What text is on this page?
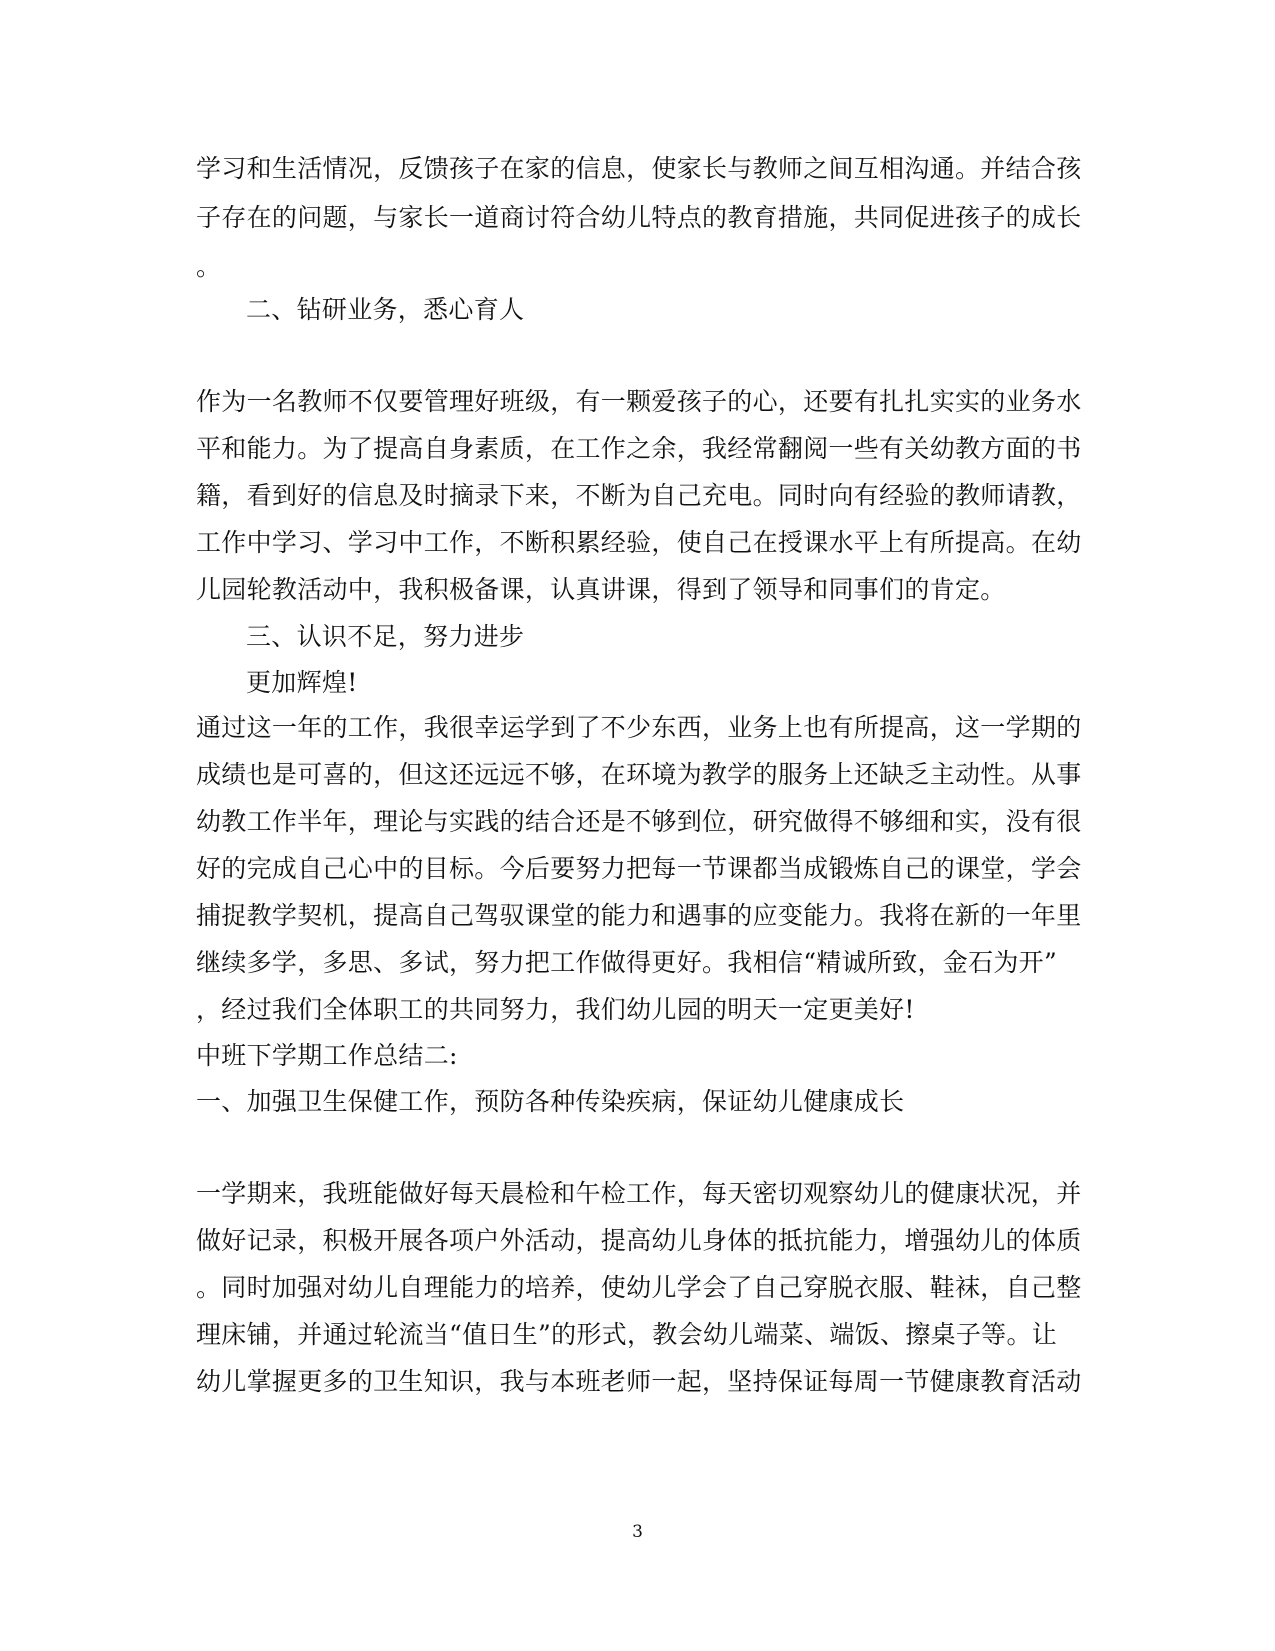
学习和生活情况，反馈孩子在家的信息，使家长与教师之间互相沟通。并结合孩
子存在的问题，与家长一道商讨符合幼儿特点的教育措施，共同促进孩子的成长
。
二、钻研业务，悉心育人
作为一名教师不仅要管理好班级，有一颗爱孩子的心，还要有扎扎实实的业务水
平和能力。为了提高自身素质，在工作之余，我经常翻阅一些有关幼教方面的书
籍，看到好的信息及时摘录下来，不断为自己充电。同时向有经验的教师请教，
工作中学习、学习中工作，不断积累经验，使自己在授课水平上有所提高。在幼
儿园轮教活动中，我积极备课，认真讲课，得到了领导和同事们的肯定。
三、认识不足，努力进步
更加辉煌!
通过这一年的工作，我很幸运学到了不少东西，业务上也有所提高，这一学期的
成绩也是可喜的，但这还远远不够，在环境为教学的服务上还缺乏主动性。从事
幼教工作半年，理论与实践的结合还是不够到位，研究做得不够细和实，没有很
好的完成自己心中的目标。今后要努力把每一节课都当成锻炼自己的课堂，学会
捕捉教学契机，提高自己驾驭课堂的能力和遇事的应变能力。我将在新的一年里
继续多学，多思、多试，努力把工作做得更好。我相信“精诚所致，金石为开”
，经过我们全体职工的共同努力，我们幼儿园的明天一定更美好!
中班下学期工作总结二:
一、加强卫生保健工作，预防各种传染疾病，保证幼儿健康成长
一学期来，我班能做好每天晨检和午检工作，每天密切观察幼儿的健康状况，并
做好记录，积极开展各项户外活动，提高幼儿身体的抵抗能力，增强幼儿的体质
。同时加强对幼儿自理能力的培养，使幼儿学会了自己穿脱衣服、鞋袜，自己整
理床铺，并通过轮流当“值日生”的形式，教会幼儿端菜、端饭、擦桌子等。让
幼儿掌握更多的卫生知识，我与本班老师一起，坚持保证每周一节健康教育活动
3
